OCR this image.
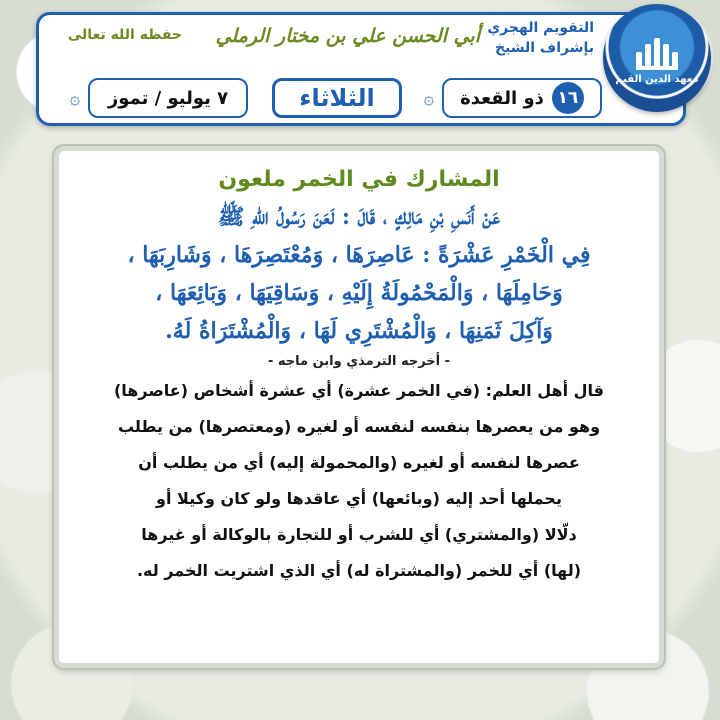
التقويم الهجري
بإشراف الشيخ
أبي الحسن علي بن مختار الرملي
حفظه الله تعالى
معهد الدين القيم
١٦
ذو القعدة
۞
الثلاثاء
٧ يوليو / تموز
۞
المشارك في الخمر ملعون
عَنْ أَنَسِ بْنِ مَالِكٍ ، قَالَ : لَعَنَ رَسُولُ اللّٰهِ ﷺ
فِي الْخَمْرِ عَشْرَةً : عَاصِرَهَا ، وَمُعْتَصِرَهَا ، وَشَارِبَهَا ،
وَحَامِلَهَا ، وَالْمَحْمُولَةُ إِلَيْهِ ، وَسَاقِيَهَا ، وَبَائِعَهَا ،
وَآكِلَ ثَمَنِهَا ، وَالْمُشْتَرِي لَهَا ، وَالْمُشْتَرَاةُ لَهُ.
- أخرجه الترمذي وابن ماجه -
قال أهل العلم: (في الخمر عشرة) أي عشرة أشخاص (عاصرها)
وهو من يعصرها بنفسه لنفسه أو لغيره (ومعتصرها) من يطلب
عصرها لنفسه أو لغيره (والمحمولة إليه) أي من يطلب أن
يحملها أحد إليه (وبائعها) أي عاقدها ولو كان وكيلا أو
دلّالا (والمشتري) أي للشرب أو للتجارة بالوكالة أو غيرها
(لها) أي للخمر (والمشتراة له) أي الذي اشتريت الخمر له.
